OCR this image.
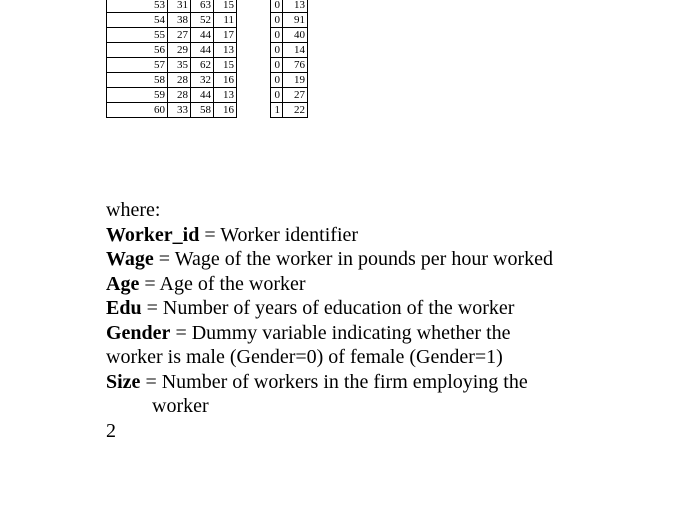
53	31	63	15		0	13
54	38	52	11		0	91
55	27	44	17		0	40
56	29	44	13		0	14
57	35	62	15		0	76
58	28	32	16		0	19
59	28	44	13		0	27
60	33	58	16		1	22
where:
Worker_id = Worker identifier
Wage = Wage of the worker in pounds per hour worked
Age = Age of the worker
Edu = Number of years of education of the worker
Gender = Dummy variable indicating whether the
worker is male (Gender=0) of female (Gender=1)
Size = Number of workers in the firm employing the
worker
2
